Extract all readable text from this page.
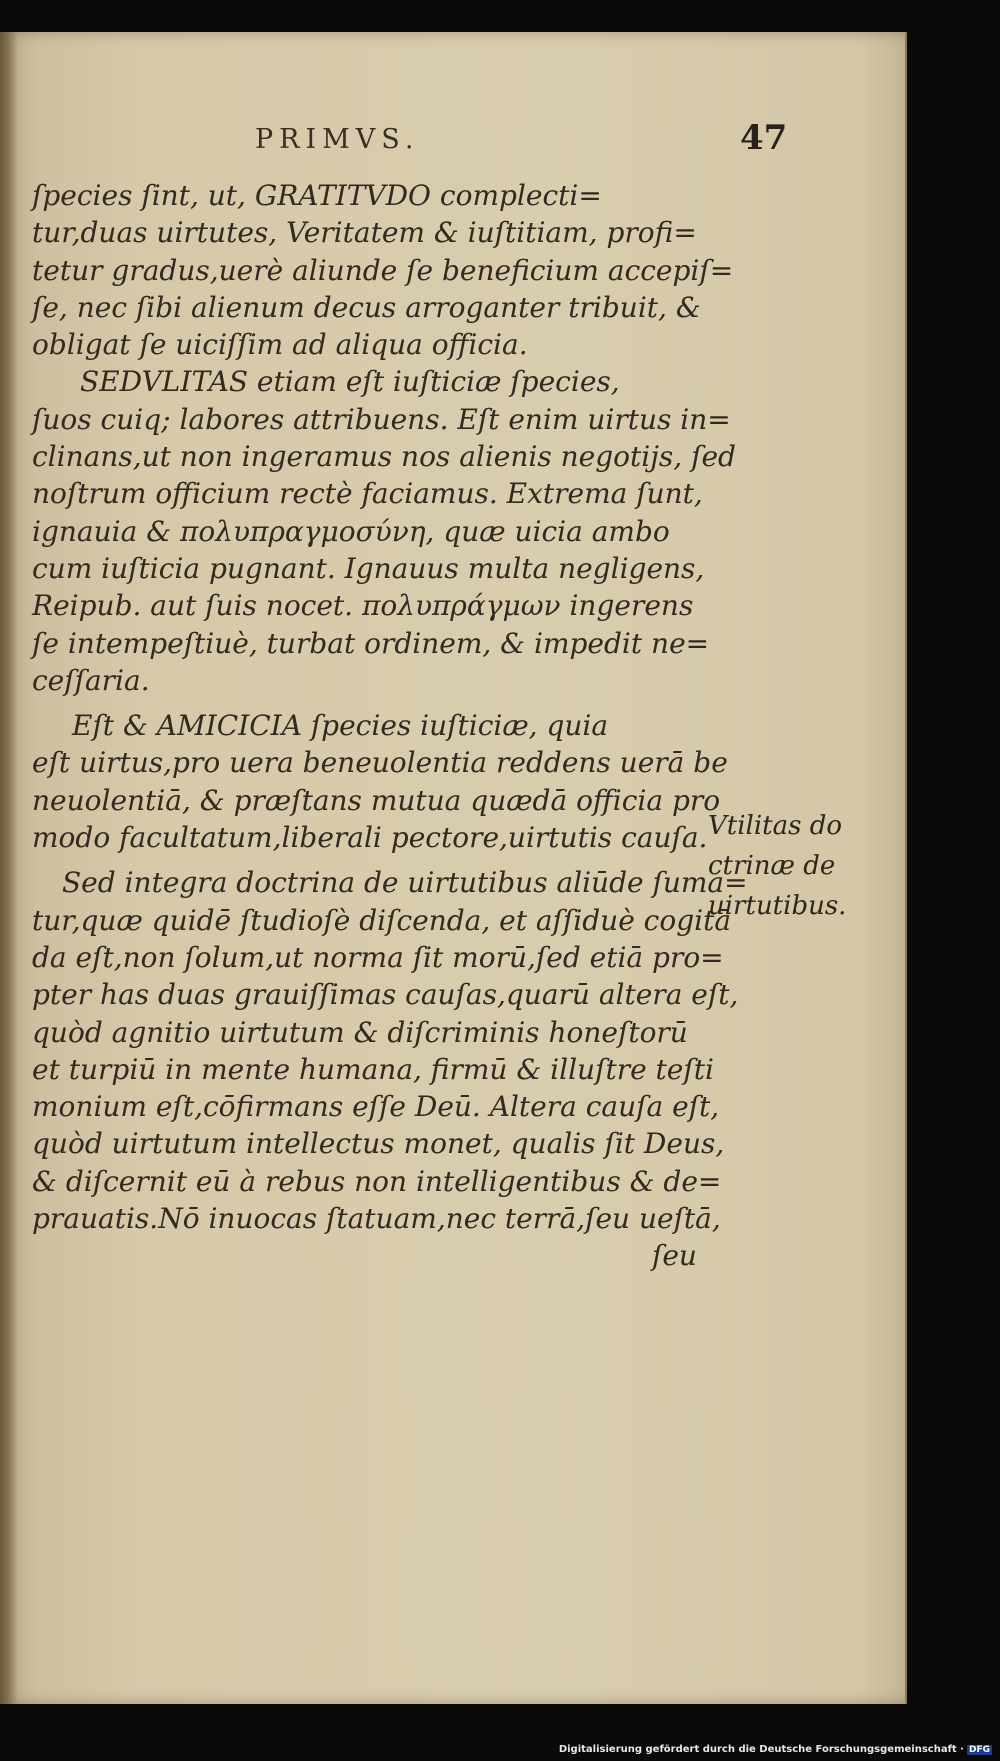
PRIMVS.	47
ſpecies ſint, ut, GRATITVDO complecti=
tur,duas uirtutes, Veritatem & iuſtitiam, profi=
tetur gradus,uerè aliunde ſe beneficium accepiſ=
ſe, nec ſibi alienum decus arroganter tribuit, &
obligat ſe uiciſſim ad aliqua officia.
SEDVLITAS etiam eſt iuſticiæ ſpecies,
ſuos cuiq; labores attribuens. Eſt enim uirtus in=
clinans,ut non ingeramus nos alienis negotijs, ſed
noſtrum officium rectè faciamus. Extrema ſunt,
ignauia & πολυπραγμοσύνη, quæ uicia ambo
cum iuſticia pugnant. Ignauus multa negligens,
Reipub. aut ſuis nocet. πολυπράγμων ingerens
ſe intempeſtiuè, turbat ordinem, & impedit ne=
ceſſaria.
Eſt & AMICICIA ſpecies iuſticiæ, quia
eſt uirtus,pro uera beneuolentia reddens uerā be
neuolentiā, & præſtans mutua quædā officia pro
modo facultatum,liberali pectore,uirtutis cauſa.
Sed integra doctrina de uirtutibus aliūde ſuma=
tur,quæ quidē ſtudioſè diſcenda, et aſſiduè cogitā
da eſt,non ſolum,ut norma ſit morū,ſed etiā pro=
pter has duas grauiſſimas cauſas,quarū altera eſt,
quòd agnitio uirtutum & diſcriminis honeſtorū
et turpiū in mente humana, firmū & illuſtre teſti
monium eſt,cōfirmans eſſe Deū. Altera cauſa eſt,
quòd uirtutum intellectus monet, qualis ſit Deus,
& diſcernit eū à rebus non intelligentibus & de=
prauatis.Nō inuocas ſtatuam,nec terrā,ſeu ueſtā,
ſeu
Vtilitas do
ctrinæ de
uirtutibus.
Digitalisierung gefördert durch die Deutsche Forschungsgemeinschaft · DFG
